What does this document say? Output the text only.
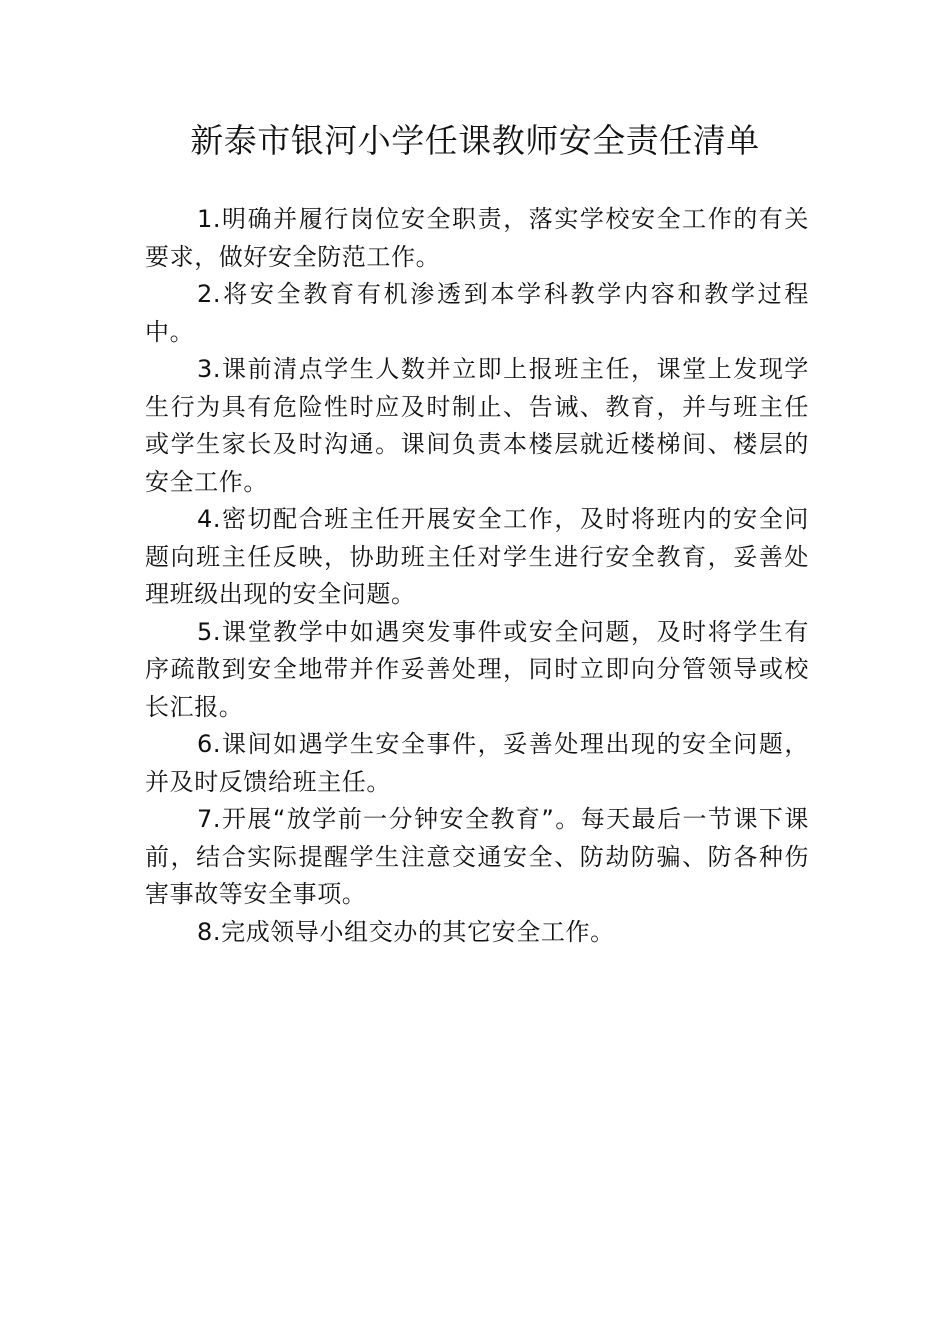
新泰市银河小学任课教师安全责任清单

1.明确并履行岗位安全职责，落实学校安全工作的有关要求，做好安全防范工作。

2.将安全教育有机渗透到本学科教学内容和教学过程中。

3.课前清点学生人数并立即上报班主任，课堂上发现学生行为具有危险性时应及时制止、告诫、教育，并与班主任或学生家长及时沟通。课间负责本楼层就近楼梯间、楼层的安全工作。

4.密切配合班主任开展安全工作，及时将班内的安全问题向班主任反映，协助班主任对学生进行安全教育，妥善处理班级出现的安全问题。

5.课堂教学中如遇突发事件或安全问题，及时将学生有序疏散到安全地带并作妥善处理，同时立即向分管领导或校长汇报。

6.课间如遇学生安全事件，妥善处理出现的安全问题，并及时反馈给班主任。

7.开展“放学前一分钟安全教育”。每天最后一节课下课前，结合实际提醒学生注意交通安全、防劫防骗、防各种伤害事故等安全事项。

8.完成领导小组交办的其它安全工作。
